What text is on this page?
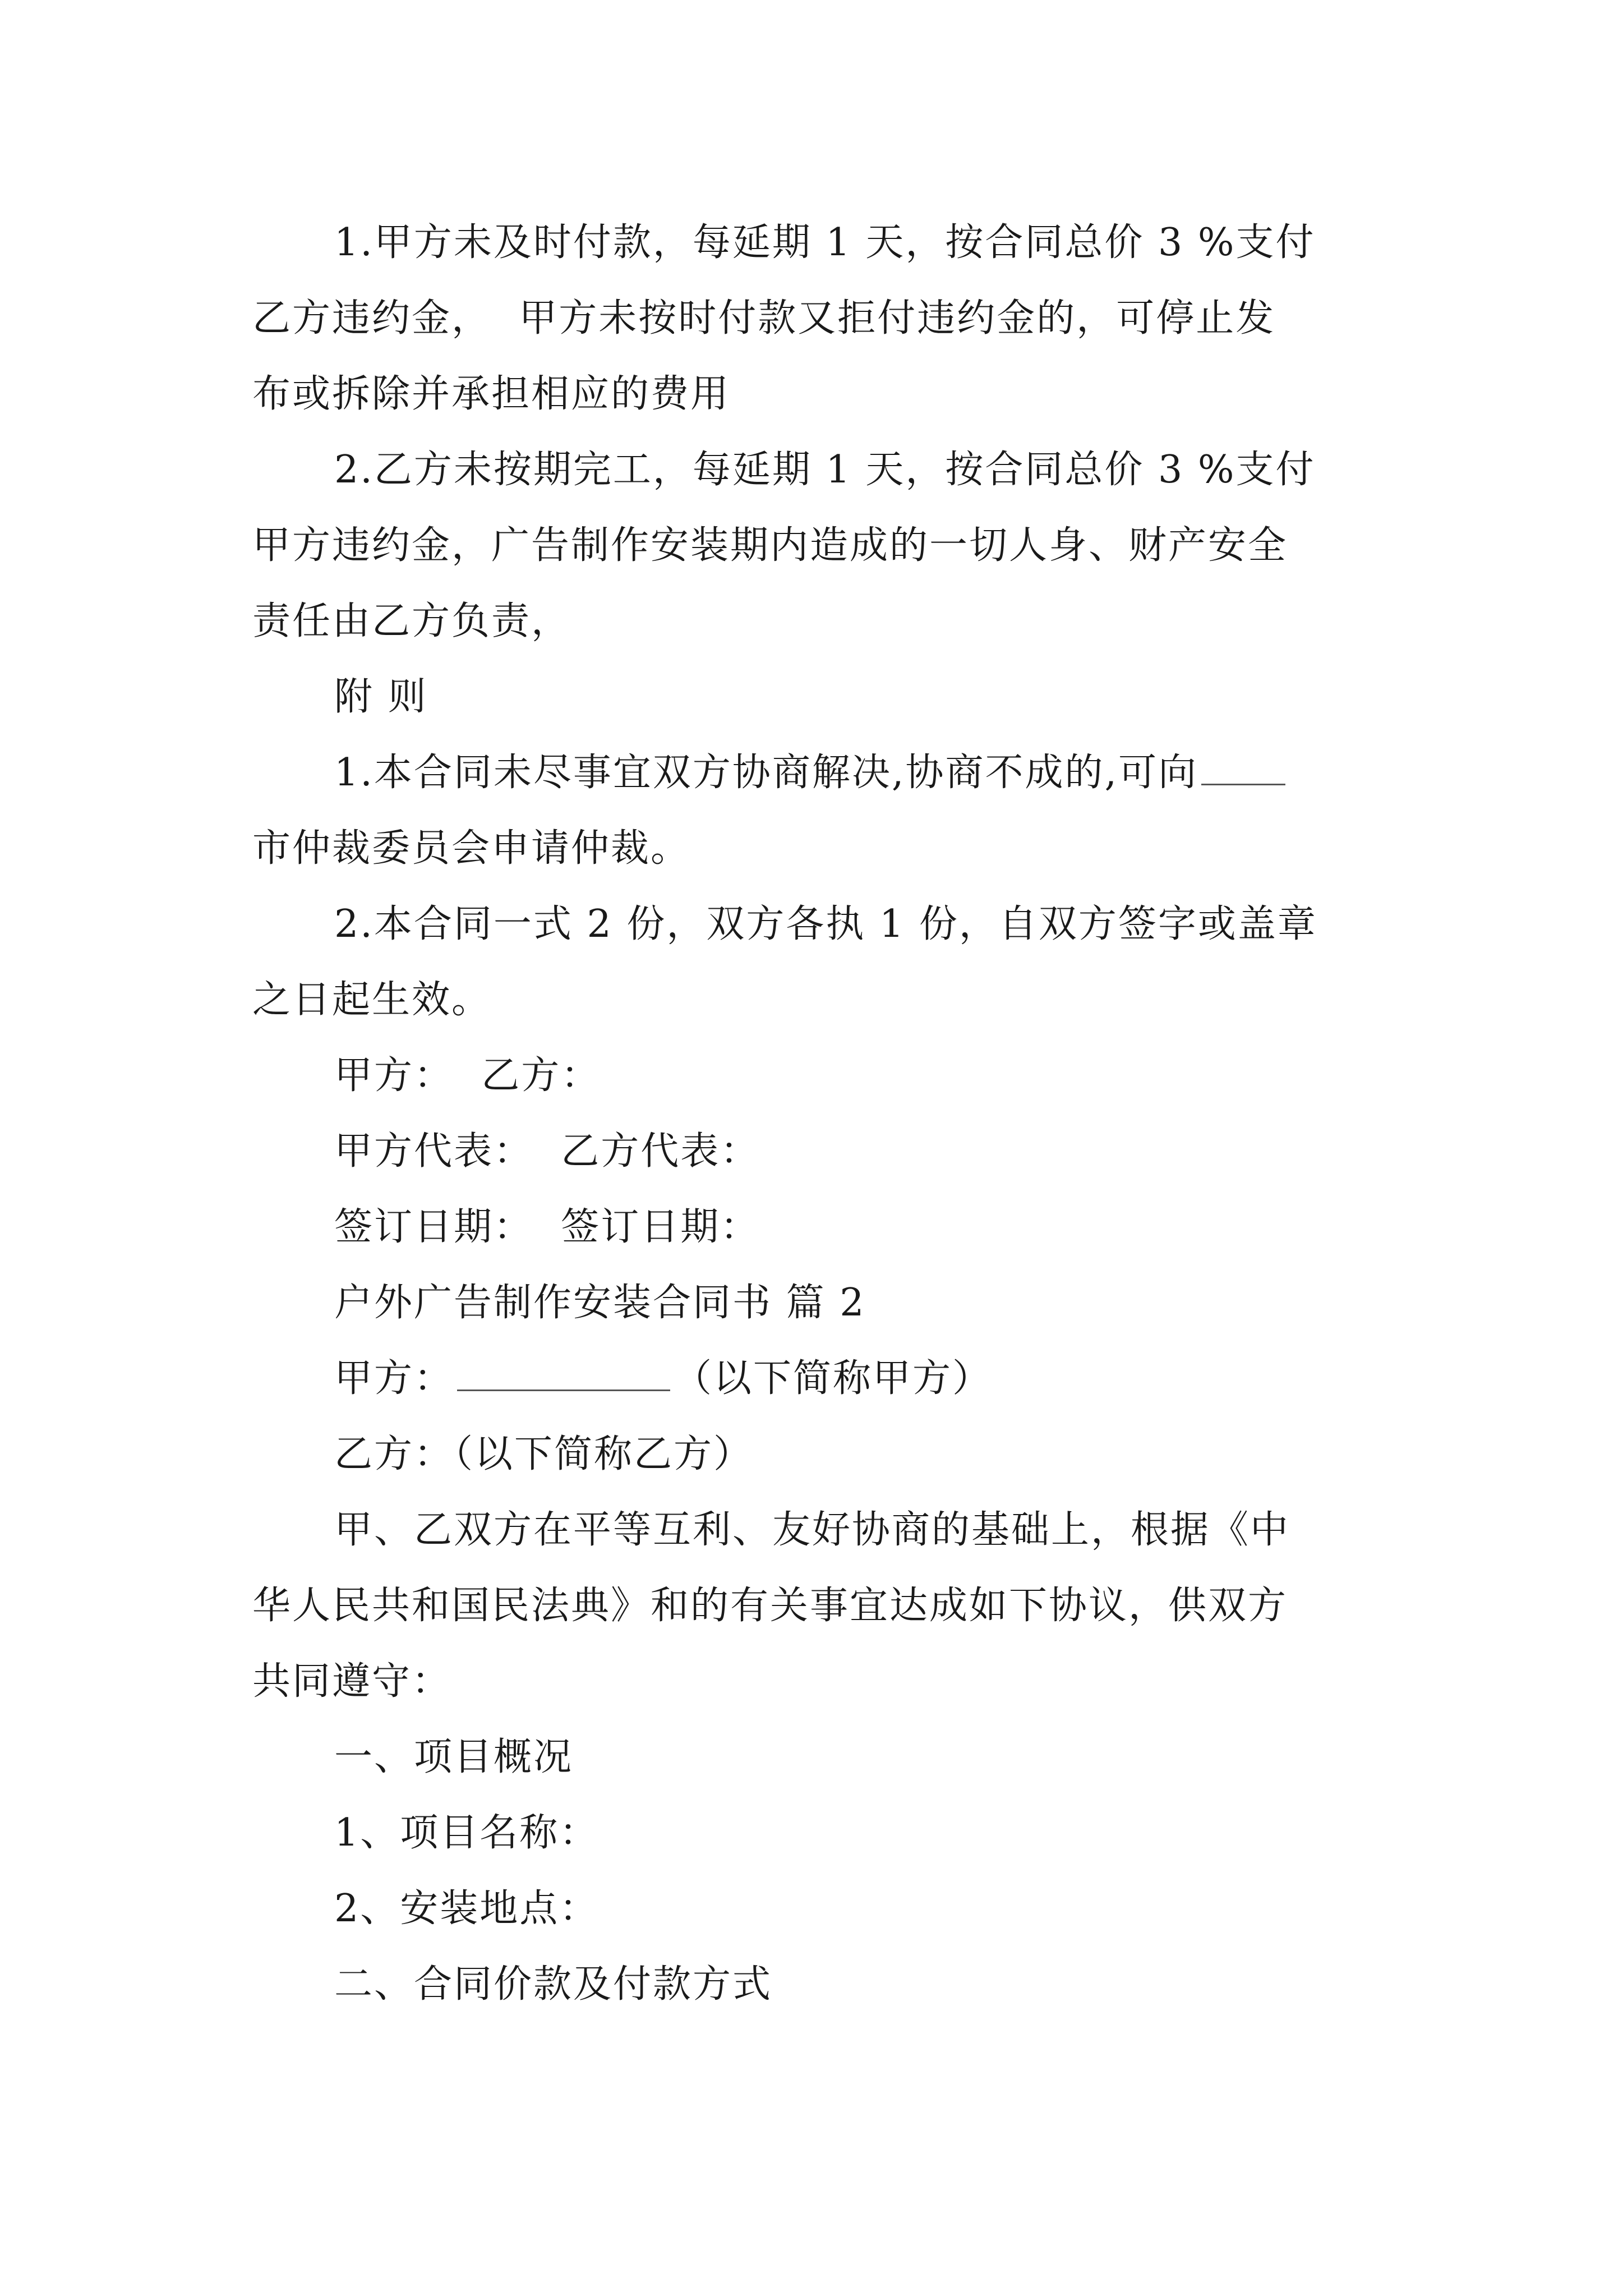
1.甲方未及时付款，每延期 1 天，按合同总价 3 %支付
乙方违约金，  甲方未按时付款又拒付违约金的，可停止发
布或拆除并承担相应的费用
2.乙方未按期完工，每延期 1 天，按合同总价 3 %支付
甲方违约金，广告制作安装期内造成的一切人身、财产安全
责任由乙方负责，
附 则
1.本合同未尽事宜双方协商解决,协商不成的,可向
市仲裁委员会申请仲裁。
2.本合同一式 2 份，双方各执 1 份，自双方签字或盖章
之日起生效。
甲方：  乙方：
甲方代表：  乙方代表：
签订日期：  签订日期：
户外广告制作安装合同书 篇 2
甲方：	（以下简称甲方）
乙方：（以下简称乙方）
甲、乙双方在平等互利、友好协商的基础上，根据《中
华人民共和国民法典》和的有关事宜达成如下协议，供双方
共同遵守：
一、项目概况
1、项目名称：
2、安装地点：
二、合同价款及付款方式
